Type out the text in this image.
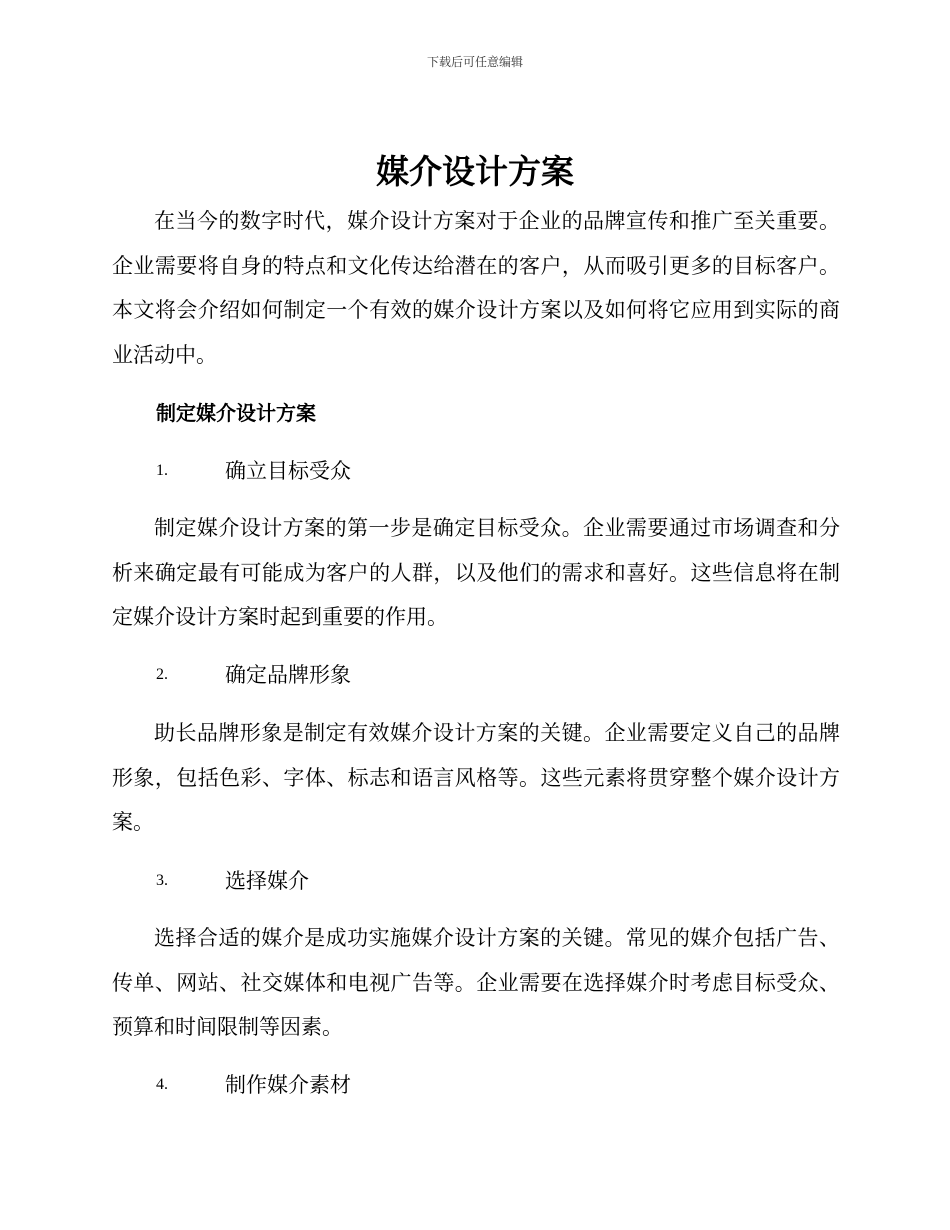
下载后可任意编辑
媒介设计方案

在当今的数字时代，媒介设计方案对于企业的品牌宣传和推广至关重要。企业需要将自身的特点和文化传达给潜在的客户，从而吸引更多的目标客户。本文将会介绍如何制定一个有效的媒介设计方案以及如何将它应用到实际的商业活动中。

制定媒介设计方案
1.	确立目标受众

制定媒介设计方案的第一步是确定目标受众。企业需要通过市场调查和分析来确定最有可能成为客户的人群，以及他们的需求和喜好。这些信息将在制定媒介设计方案时起到重要的作用。

2.	确定品牌形象

助长品牌形象是制定有效媒介设计方案的关键。企业需要定义自己的品牌形象，包括色彩、字体、标志和语言风格等。这些元素将贯穿整个媒介设计方案。

3.	选择媒介

选择合适的媒介是成功实施媒介设计方案的关键。常见的媒介包括广告、传单、网站、社交媒体和电视广告等。企业需要在选择媒介时考虑目标受众、预算和时间限制等因素。

4.	制作媒介素材
